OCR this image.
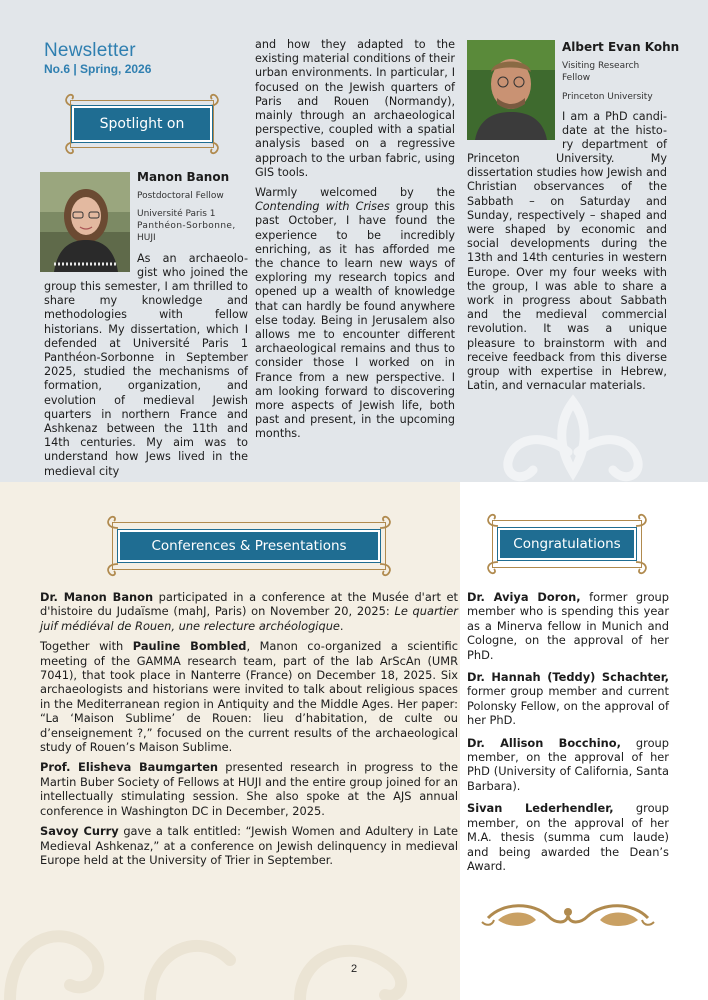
Newsletter
No.6 | Spring, 2026
Spotlight on
Manon Banon
Postdoctoral Fellow
Université Paris 1
Panthéon-Sorbonne,
HUJI
As an archaeolo-
gist who joined the

group this semester, I am thrilled to share my knowledge and methodologies with fellow historians. My dissertation, which I defended at Université Paris 1 Panthéon-Sorbonne in September 2025, studied the mechanisms of formation, organization, and evolution of medieval Jewish quarters in northern France and Ashkenaz between the 11th and 14th centuries. My aim was to understand how Jews lived in the medieval city

and how they adapted to the existing material conditions of their urban environments. In particular, I focused on the Jewish quarters of Paris and Rouen (Normandy), mainly through an archaeological perspective, coupled with a spatial analysis based on a regressive approach to the urban fabric, using GIS tools.

Warmly welcomed by the Contending with Crises group this past October, I have found the experience to be incredibly enriching, as it has afforded me the chance to learn new ways of exploring my research topics and opened up a wealth of knowledge that can hardly be found anywhere else today. Being in Jerusalem also allows me to encounter different archaeological remains and thus to consider those I worked on in France from a new perspective. I am looking forward to discovering more aspects of Jewish life, both past and present, in the upcoming months.

Albert Evan Kohn
Visiting Research
Fellow
Princeton University
I am a PhD candi-
date at the histo-
ry department of

Princeton University. My dissertation studies how Jewish and Christian observances of the Sabbath – on Saturday and Sunday, respectively – shaped and were shaped by economic and social developments during the 13th and 14th centuries in western Europe. Over my four weeks with the group, I was able to share a work in progress about Sabbath and the medieval commercial revolution. It was a unique pleasure to brainstorm with and receive feedback from this diverse group with expertise in Hebrew, Latin, and vernacular materials.

Conferences & Presentations	Congratulations

Dr. Manon Banon participated in a conference at the Musée d'art et d'histoire du Judaïsme (mahJ, Paris) on November 20, 2025: Le quartier juif médiéval de Rouen, une relecture archéologique.

Together with Pauline Bombled, Manon co-organized a scientific meeting of the GAMMA research team, part of the lab ArScAn (UMR 7041), that took place in Nanterre (France) on December 18, 2025. Six archaeologists and historians were invited to talk about religious spaces in the Mediterranean region in Antiquity and the Middle Ages. Her paper: “La ‘Maison Sublime’ de Rouen: lieu d’habitation, de culte ou d’enseignement ?,” focused on the current results of the archaeological study of Rouen’s Maison Sublime.

Prof. Elisheva Baumgarten presented research in progress to the Martin Buber Society of Fellows at HUJI and the entire group joined for an intellectually stimulating session. She also spoke at the AJS annual conference in Washington DC in December, 2025.

Savoy Curry gave a talk entitled: “Jewish Women and Adultery in Late Medieval Ashkenaz,” at a conference on Jewish delinquency in medieval Europe held at the University of Trier in September.

Dr. Aviya Doron, former group member who is spending this year as a Minerva fellow in Munich and Cologne, on the approval of her PhD.

Dr. Hannah (Teddy) Schachter, former group member and current Polonsky Fellow, on the approval of her PhD.

Dr. Allison Bocchino, group member, on the approval of her PhD (University of California, Santa Barbara).

Sivan Lederhendler, group member, on the approval of her M.A. thesis (summa cum laude) and being awarded the Dean’s Award.

2
